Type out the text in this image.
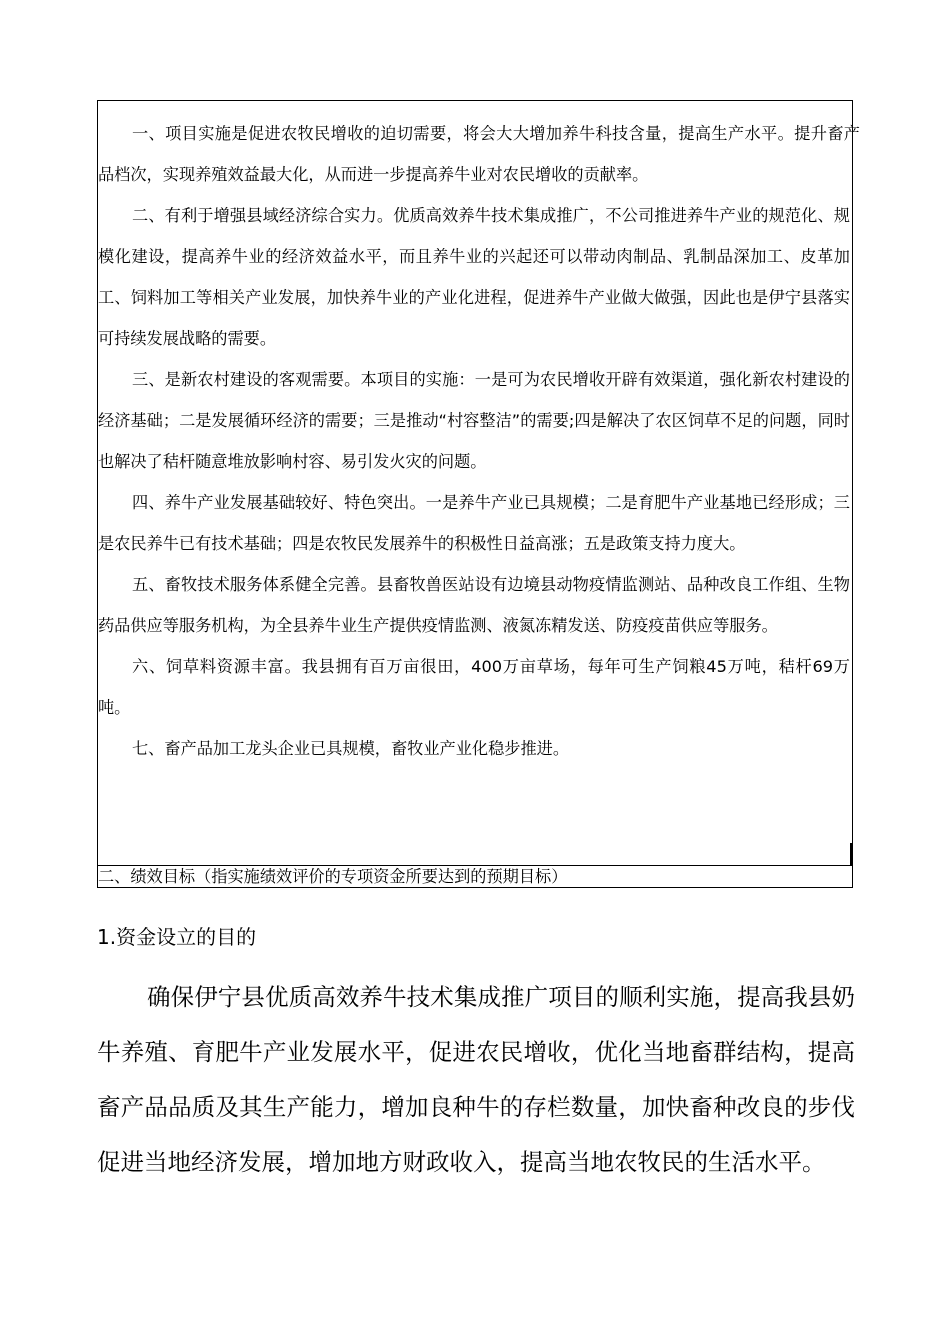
一、项目实施是促进农牧民增收的迫切需要，将会大大增加养牛科技含量，提高生产水平。提升畜产品档次，实现养殖效益最大化，从而进一步提高养牛业对农民增收的贡献率。

二、有利于增强县域经济综合实力。优质高效养牛技术集成推广，不公司推进养牛产业的规范化、规模化建设，提高养牛业的经济效益水平，而且养牛业的兴起还可以带动肉制品、乳制品深加工、皮革加工、饲料加工等相关产业发展，加快养牛业的产业化进程，促进养牛产业做大做强，因此也是伊宁县落实可持续发展战略的需要。

三、是新农村建设的客观需要。本项目的实施：一是可为农民增收开辟有效渠道，强化新农村建设的经济基础；二是发展循环经济的需要；三是推动“村容整洁”的需要;四是解决了农区饲草不足的问题，同时也解决了秸杆随意堆放影响村容、易引发火灾的问题。

四、养牛产业发展基础较好、特色突出。一是养牛产业已具规模；二是育肥牛产业基地已经形成；三是农民养牛已有技术基础；四是农牧民发展养牛的积极性日益高涨；五是政策支持力度大。

五、畜牧技术服务体系健全完善。县畜牧兽医站设有边境县动物疫情监测站、品种改良工作组、生物药品供应等服务机构，为全县养牛业生产提供疫情监测、液氮冻精发送、防疫疫苗供应等服务。

六、饲草料资源丰富。我县拥有百万亩很田，400万亩草场，每年可生产饲粮45万吨，秸杆69万吨。

七、畜产品加工龙头企业已具规模，畜牧业产业化稳步推进。

二、绩效目标（指实施绩效评价的专项资金所要达到的预期目标）
1.资金设立的目的

确保伊宁县优质高效养牛技术集成推广项目的顺利实施，提高我县奶牛养殖、育肥牛产业发展水平，促进农民增收，优化当地畜群结构，提高畜产品品质及其生产能力，增加良种牛的存栏数量，加快畜种改良的步伐促进当地经济发展，增加地方财政收入，提高当地农牧民的生活水平。
